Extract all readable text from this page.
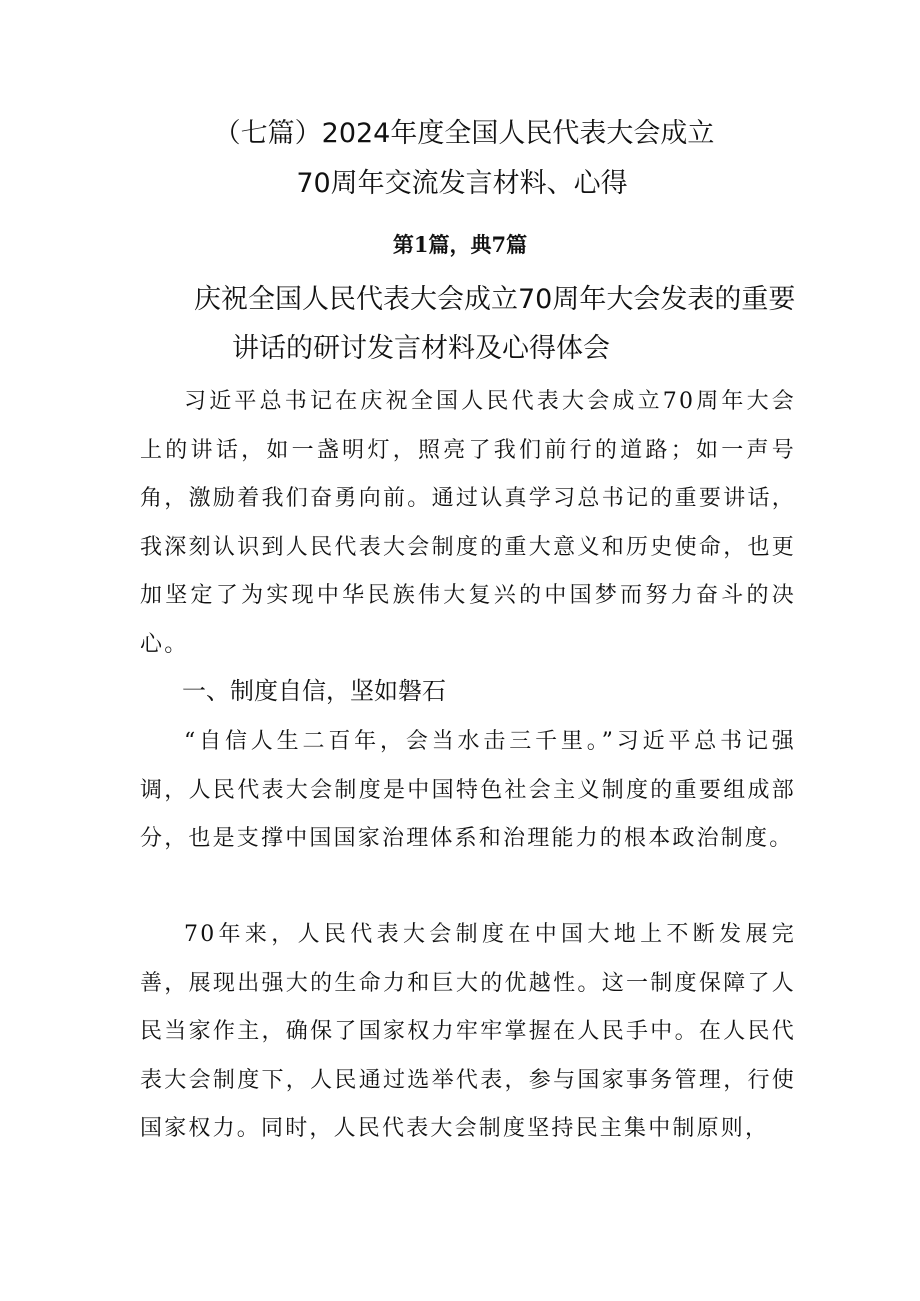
（七篇）2024年度全国人民代表大会成立
70周年交流发言材料、心得
第1篇，典7篇
庆祝全国人民代表大会成立70周年大会发表的重要
讲话的研讨发言材料及心得体会

习近平总书记在庆祝全国人民代表大会成立70周年大会上的讲话，如一盏明灯，照亮了我们前行的道路；如一声号角，激励着我们奋勇向前。通过认真学习总书记的重要讲话，我深刻认识到人民代表大会制度的重大意义和历史使命，也更加坚定了为实现中华民族伟大复兴的中国梦而努力奋斗的决心。

一、制度自信，坚如磐石

“自信人生二百年，会当水击三千里。”习近平总书记强调，人民代表大会制度是中国特色社会主义制度的重要组成部分，也是支撑中国国家治理体系和治理能力的根本政治制度。

70年来，人民代表大会制度在中国大地上不断发展完善，展现出强大的生命力和巨大的优越性。这一制度保障了人民当家作主，确保了国家权力牢牢掌握在人民手中。在人民代表大会制度下，人民通过选举代表，参与国家事务管理，行使国家权力。同时，人民代表大会制度坚持民主集中制原则，
